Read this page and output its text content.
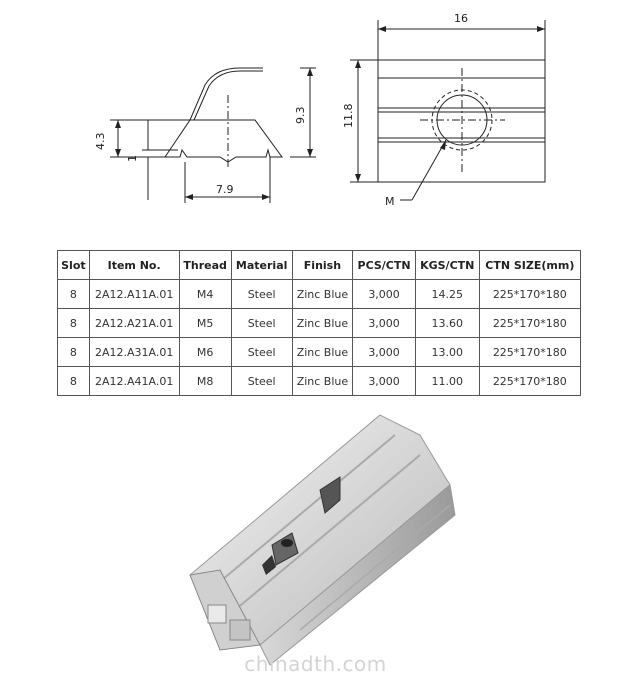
16
11.8
9.3
4.3
1
7.9
M
Slot	Item No.	Thread	Material	Finish	PCS/CTN	KGS/CTN	CTN SIZE(mm)
8	2A12.A11A.01	M4	Steel	Zinc Blue	3,000	14.25	225*170*180
8	2A12.A21A.01	M5	Steel	Zinc Blue	3,000	13.60	225*170*180
8	2A12.A31A.01	M6	Steel	Zinc Blue	3,000	13.00	225*170*180
8	2A12.A41A.01	M8	Steel	Zinc Blue	3,000	11.00	225*170*180
chinadth.com
